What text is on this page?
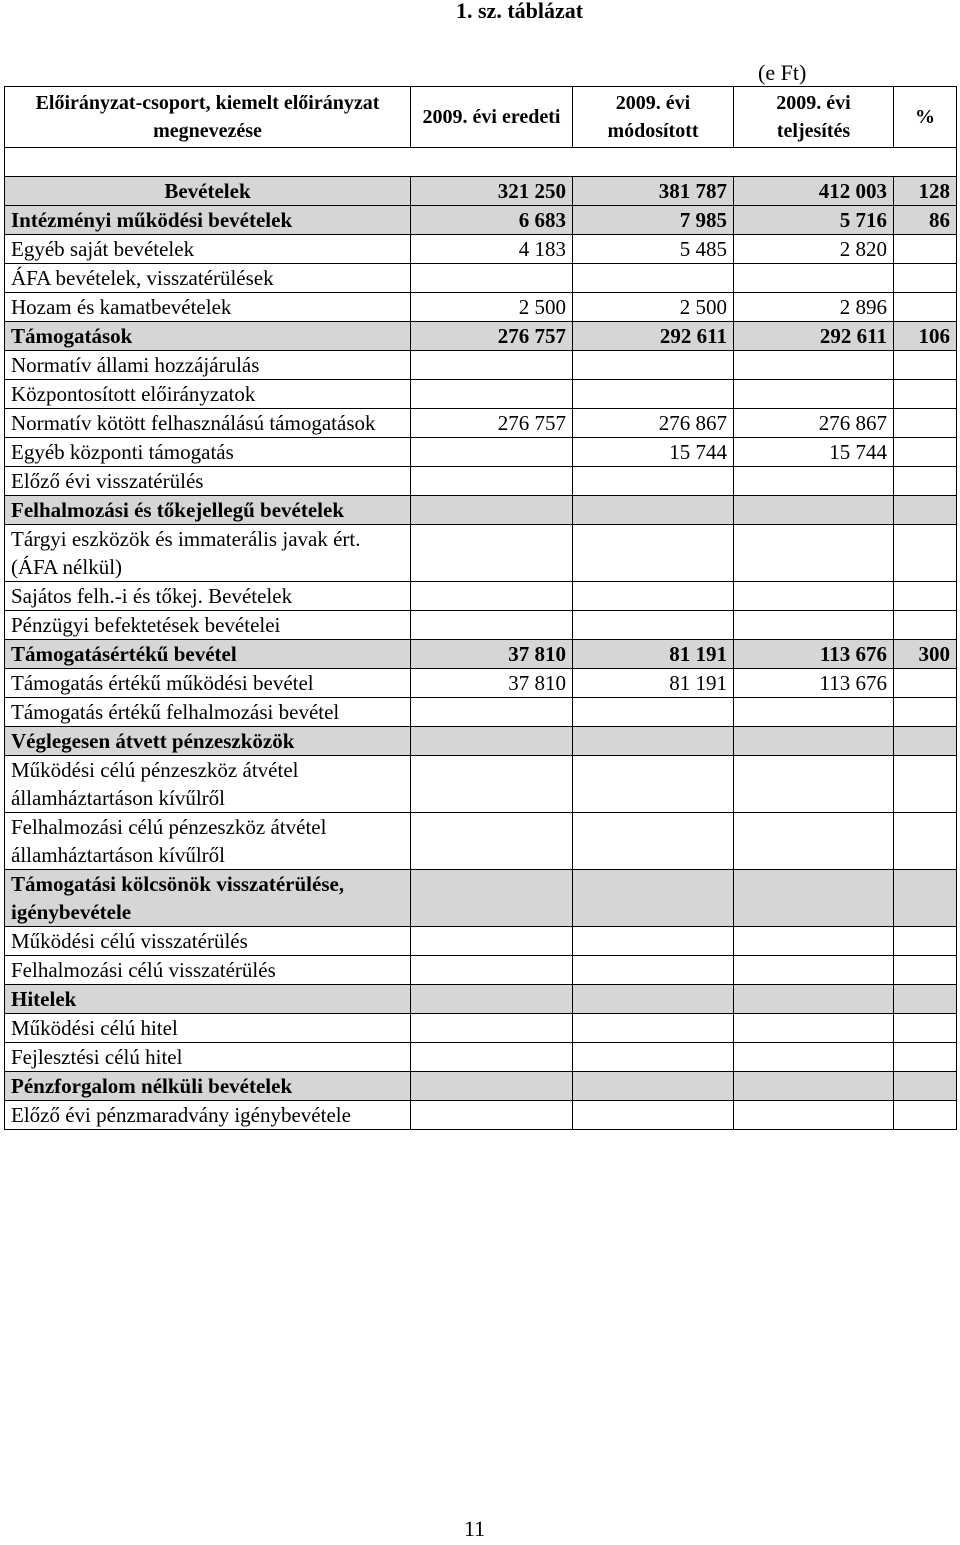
1. sz. táblázat
(e Ft)
Előirányzat-csoport, kiemelt előirányzat megnevezése	2009. évi eredeti	2009. évi módosított	2009. évi teljesítés	%

Bevételek	321 250	381 787	412 003	128
Intézményi működési bevételek	6 683	7 985	5 716	86
Egyéb saját bevételek	4 183	5 485	2 820	
ÁFA bevételek, visszatérülések				
Hozam és kamatbevételek	2 500	2 500	2 896	
Támogatások	276 757	292 611	292 611	106
Normatív állami hozzájárulás				
Központosított előirányzatok				
Normatív kötött felhasználású támogatások	276 757	276 867	276 867	
Egyéb központi támogatás		15 744	15 744	
Előző évi visszatérülés				
Felhalmozási és tőkejellegű bevételek				
Tárgyi eszközök és immaterális javak ért.(ÁFA nélkül)				
Sajátos felh.-i és tőkej. Bevételek				
Pénzügyi befektetések bevételei				
Támogatásértékű bevétel	37 810	81 191	113 676	300
Támogatás értékű működési bevétel	37 810	81 191	113 676	
Támogatás értékű felhalmozási bevétel				
Véglegesen átvett pénzeszközök				
Működési célú pénzeszköz átvétel államháztartáson kívűlről				
Felhalmozási célú pénzeszköz átvétel államháztartáson kívűlről				
Támogatási kölcsönök visszatérülése, igénybevétele				
Működési célú visszatérülés				
Felhalmozási célú visszatérülés				
Hitelek				
Működési célú hitel				
Fejlesztési célú hitel				
Pénzforgalom nélküli bevételek				
Előző évi pénzmaradvány igénybevétele				
11
